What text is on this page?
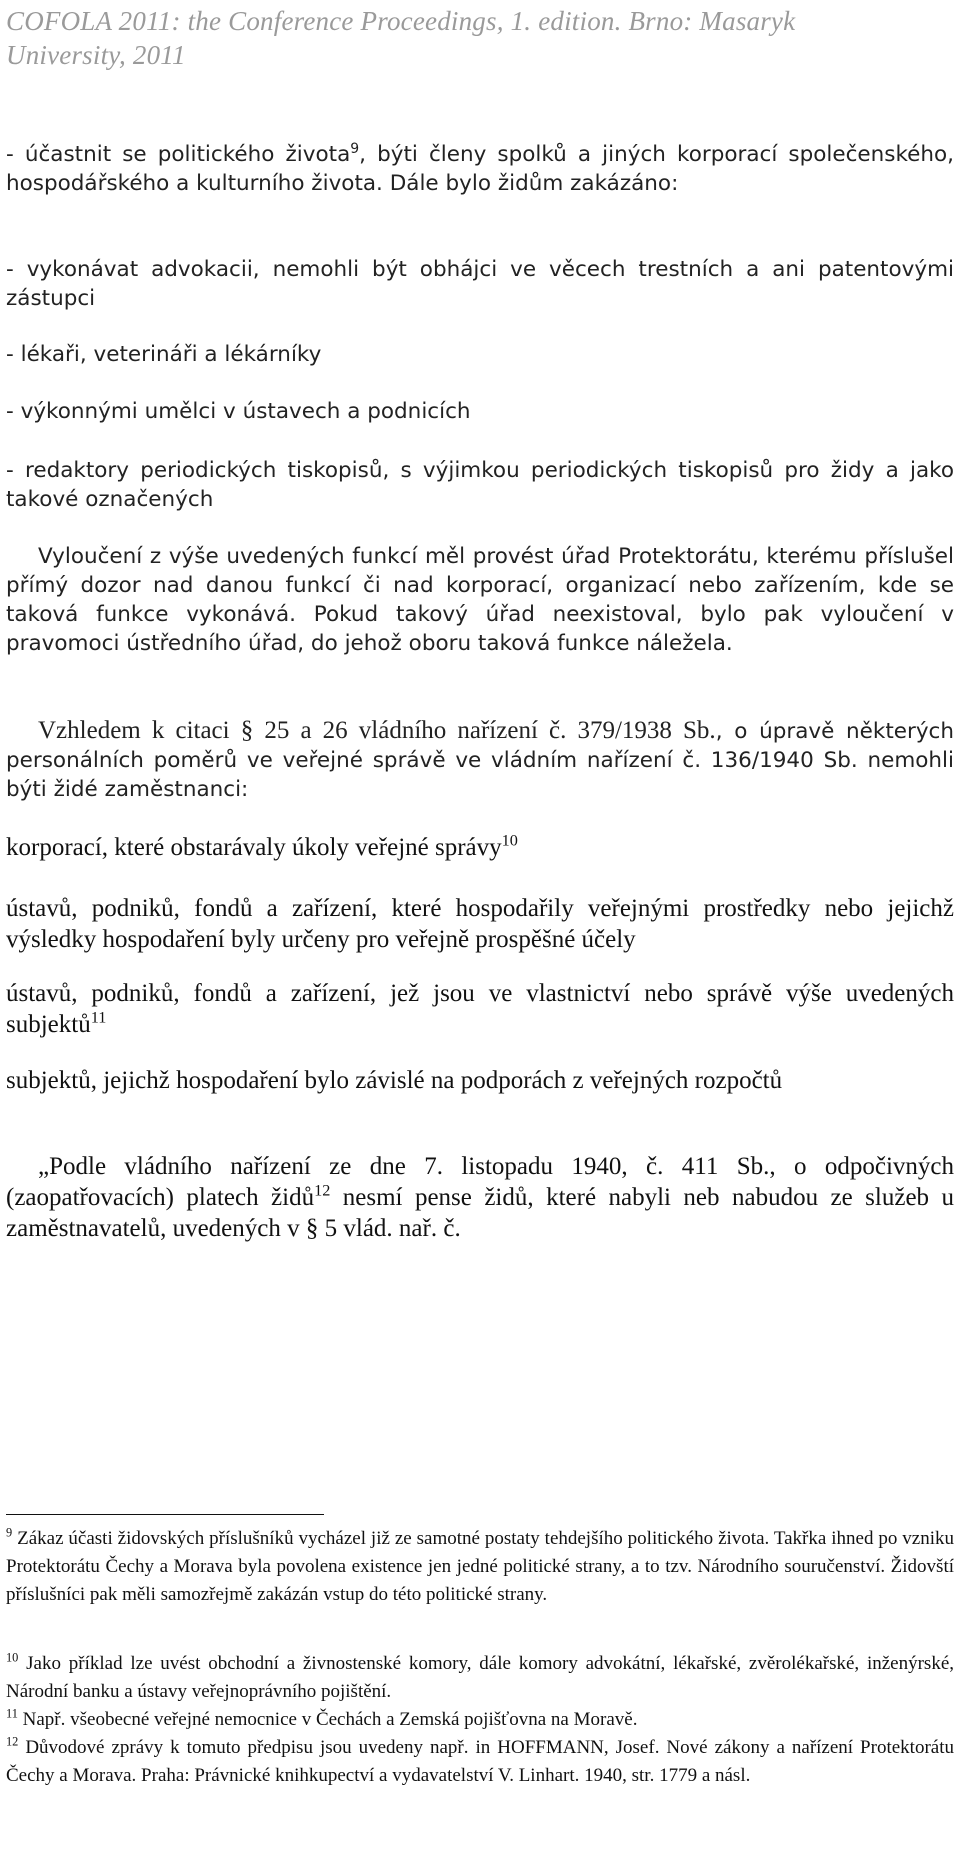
COFOLA 2011: the Conference Proceedings, 1. edition. Brno: Masaryk
University, 2011
- účastnit se politického života$^9$, býti členy spolků a jiných korporací společenského, hospodářského a kulturního života. Dále bylo židům zakázáno:
- vykonávat advokacii, nemohli být obhájci ve věcech trestních a ani patentovými zástupci
- lékaři, veterináři a lékárníky
- výkonnými umělci v ústavech a podnicích
- redaktory periodických tiskopisů, s výjimkou periodických tiskopisů pro židy a jako takové označených
Vyloučení z výše uvedených funkcí měl provést úřad Protektorátu, kterému příslušel přímý dozor nad danou funkcí či nad korporací, organizací nebo zařízením, kde se taková funkce vykonává. Pokud takový úřad neexistoval, bylo pak vyloučení v pravomoci ústředního úřad, do jehož oboru taková funkce náležela.
Vzhledem k citaci § 25 a 26 vládního nařízení č. 379/1938 Sb., o úpravě některých personálních poměrů ve veřejné správě ve vládním nařízení č. 136/1940 Sb. nemohli býti židé zaměstnanci:
korporací, které obstarávaly úkoly veřejné správy$^{10}$
ústavů, podniků, fondů a zařízení, které hospodařily veřejnými prostředky nebo jejichž výsledky hospodaření byly určeny pro veřejně prospěšné účely
ústavů, podniků, fondů a zařízení, jež jsou ve vlastnictví nebo správě výše uvedených subjektů$^{11}$
subjektů, jejichž hospodaření bylo závislé na podporách z veřejných rozpočtů
„Podle vládního nařízení ze dne 7. listopadu 1940, č. 411 Sb., o odpočivných (zaopatřovacích) platech židů$^{12}$ nesmí pense židů, které nabyli neb nabudou ze služeb u zaměstnavatelů, uvedených v § 5 vlád. nař. č.
$^9$ Zákaz účasti židovských příslušníků vycházel již ze samotné postaty tehdejšího politického života. Takřka ihned po vzniku Protektorátu Čechy a Morava byla povolena existence jen jedné politické strany, a to tzv. Národního souručenství. Židovští příslušníci pak měli samozřejmě zakázán vstup do této politické strany.
$^{10}$ Jako příklad lze uvést obchodní a živnostenské komory, dále komory advokátní, lékařské, zvěrolékařské, inženýrské, Národní banku a ústavy veřejnoprávního pojištění.
$^{11}$ Např. všeobecné veřejné nemocnice v Čechách a Zemská pojišťovna na Moravě.
$^{12}$ Důvodové zprávy k tomuto předpisu jsou uvedeny např. in HOFFMANN, Josef. Nové zákony a nařízení Protektorátu Čechy a Morava. Praha: Právnické knihkupectví a vydavatelství V. Linhart. 1940, str. 1779 a násl.
